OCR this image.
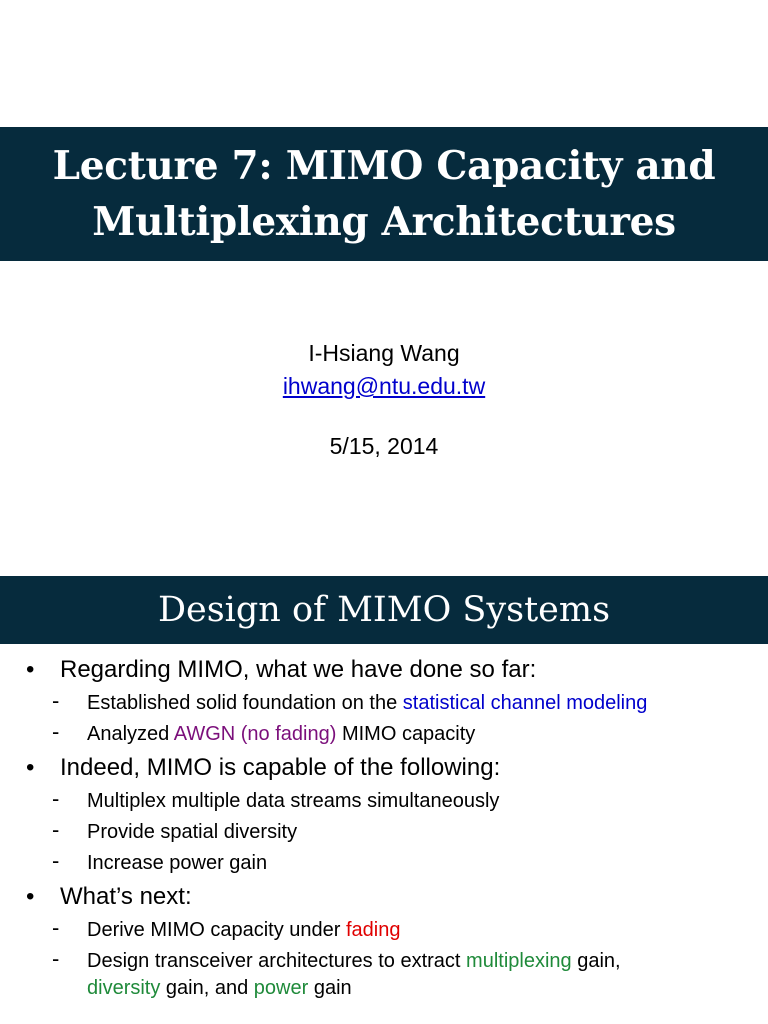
Lecture 7: MIMO Capacity and
Multiplexing Architectures
I-Hsiang Wang
ihwang@ntu.edu.tw
5/15, 2014
Design of MIMO Systems
• Regarding MIMO, what we have done so far:
- Established solid foundation on the statistical channel modeling
- Analyzed AWGN (no fading) MIMO capacity
• Indeed, MIMO is capable of the following:
- Multiplex multiple data streams simultaneously
- Provide spatial diversity
- Increase power gain
• What’s next:
- Derive MIMO capacity under fading
- Design transceiver architectures to extract multiplexing gain,
diversity gain, and power gain
